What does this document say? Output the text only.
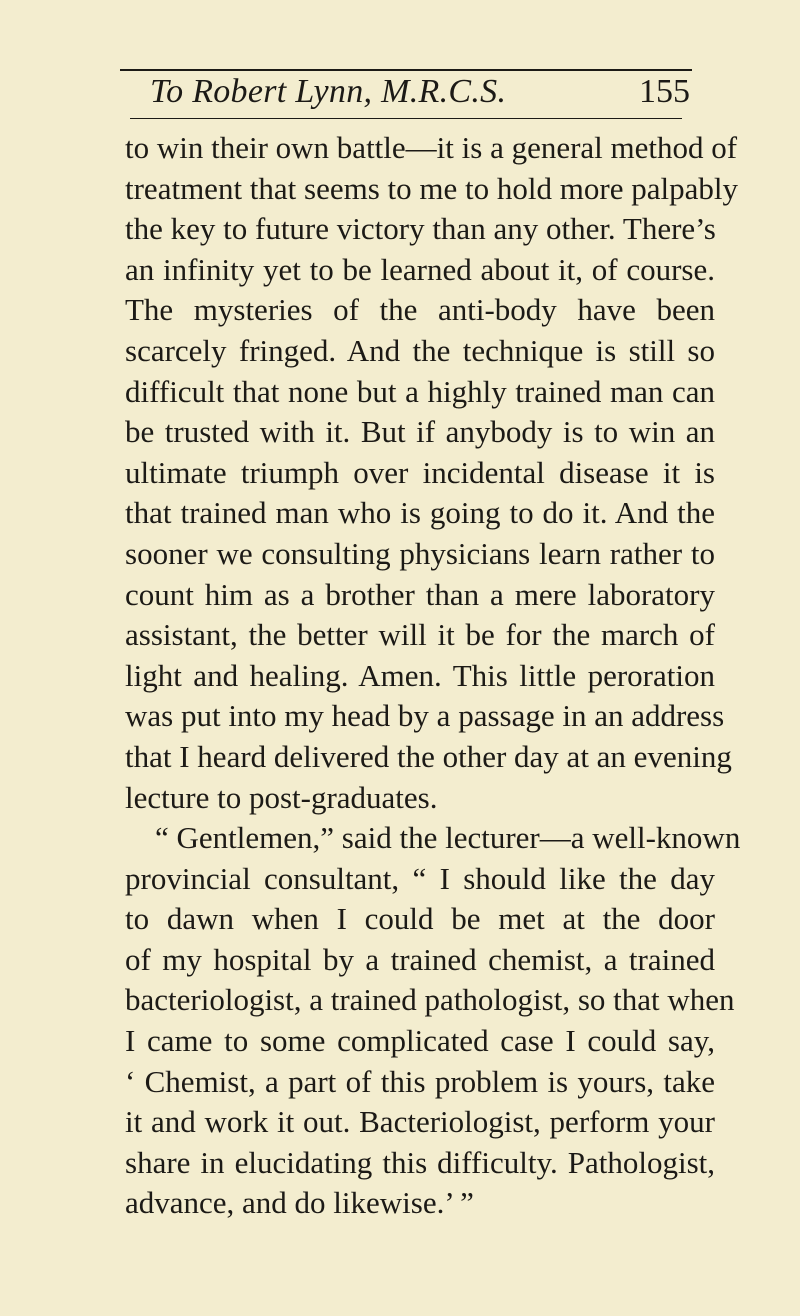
To Robert Lynn, M.R.C.S.	155
to win their own battle—it is a general method of
treatment that seems to me to hold more palpably
the key to future victory than any other. There’s
an infinity yet to be learned about it, of course.
The mysteries of the anti-body have been
scarcely fringed. And the technique is still so
difficult that none but a highly trained man can
be trusted with it. But if anybody is to win an
ultimate triumph over incidental disease it is
that trained man who is going to do it. And the
sooner we consulting physicians learn rather to
count him as a brother than a mere laboratory
assistant, the better will it be for the march of
light and healing. Amen. This little peroration
was put into my head by a passage in an address
that I heard delivered the other day at an evening
lecture to post-graduates.
“ Gentlemen,” said the lecturer—a well-known
provincial consultant, “ I should like the day
to dawn when I could be met at the door
of my hospital by a trained chemist, a trained
bacteriologist, a trained pathologist, so that when
I came to some complicated case I could say,
‘ Chemist, a part of this problem is yours, take
it and work it out. Bacteriologist, perform your
share in elucidating this difficulty. Pathologist,
advance, and do likewise.’ ”
